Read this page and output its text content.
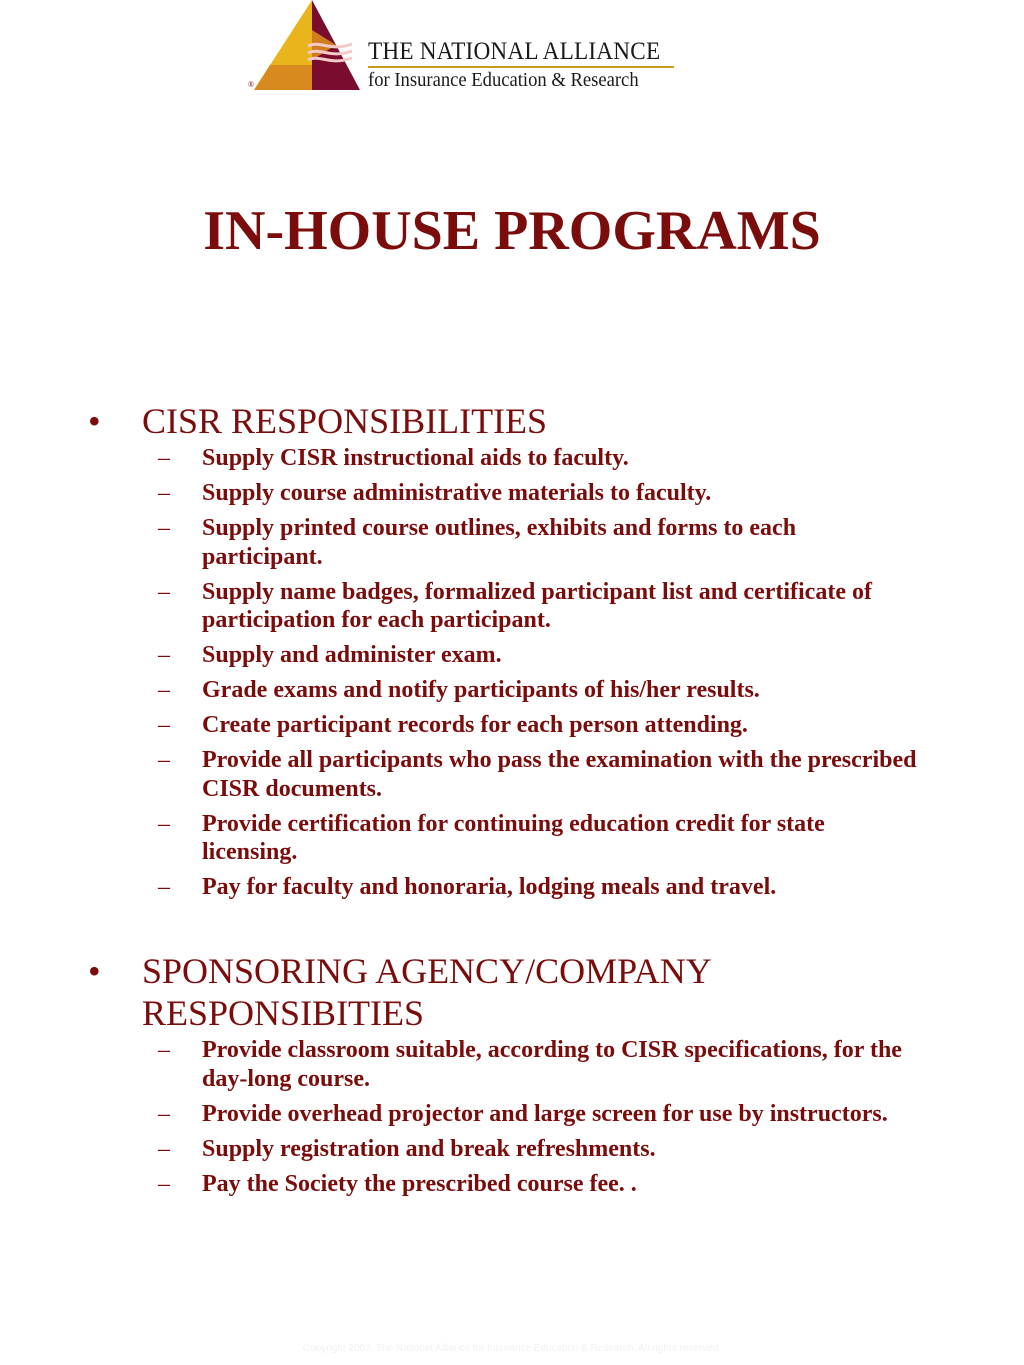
®
THE NATIONAL ALLIANCE
for Insurance Education & Research
IN-HOUSE PROGRAMS
• CISR RESPONSIBILITIES
– Supply CISR instructional aids to faculty.
– Supply course administrative materials to faculty.
– Supply printed course outlines, exhibits and forms to each participant.
– Supply name badges, formalized participant list and certificate of participation for each participant.
– Supply and administer exam.
– Grade exams and notify participants of his/her results.
– Create participant records for each person attending.
– Provide all participants who pass the examination with the prescribed CISR documents.
– Provide certification for continuing education credit for state licensing.
– Pay for faculty and honoraria, lodging meals and travel.
• SPONSORING AGENCY/COMPANY RESPONSIBITIES
– Provide classroom suitable, according to CISR specifications, for the day-long course.
– Provide overhead projector and large screen for use by instructors.
– Supply registration and break refreshments.
– Pay the Society the prescribed course fee. .
Copyright 2002, The National Alliance for Insurance Education & Research. All rights reserved.
